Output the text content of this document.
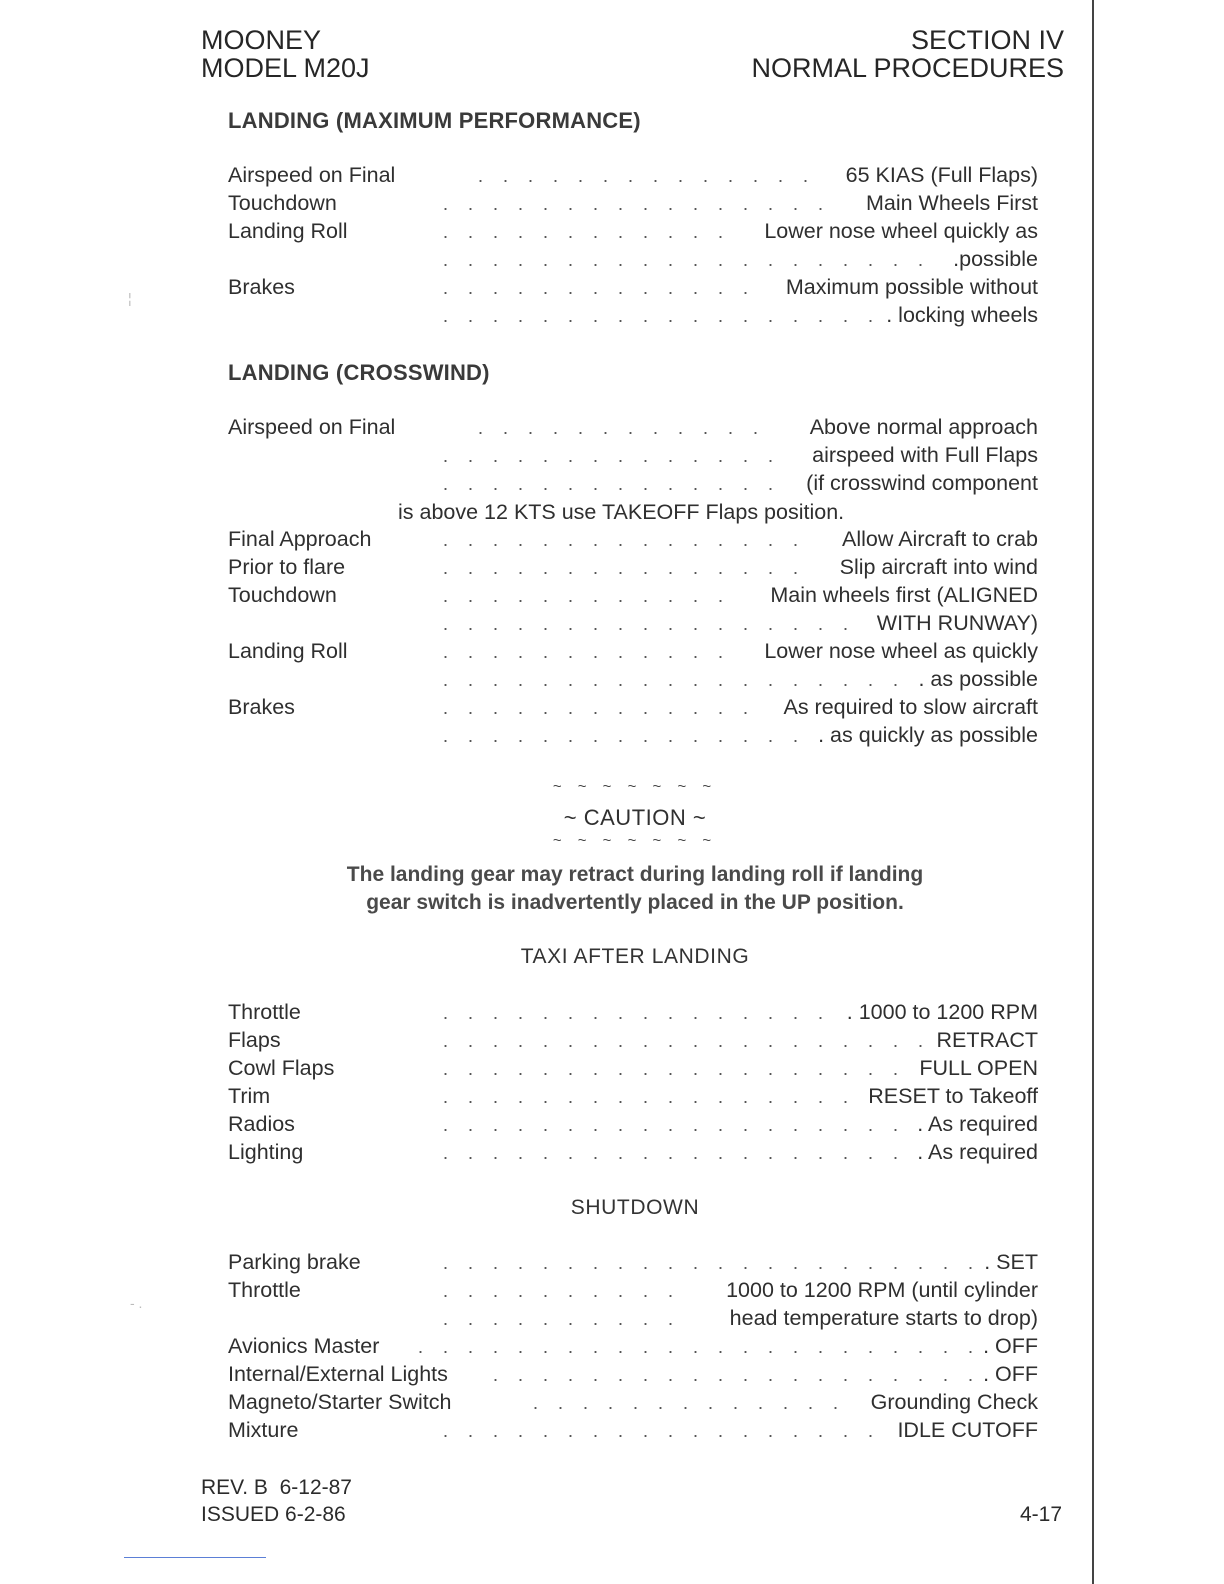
¦
‐ .
MOONEY
MODEL M20J
SECTION IV
NORMAL PROCEDURES
LANDING (MAXIMUM PERFORMANCE)
Airspeed on Final	65 KIAS (Full Flaps)
Touchdown	Main Wheels First
Landing Roll	Lower nose wheel quickly as
.possible
Brakes	Maximum possible without
. locking wheels
LANDING (CROSSWIND)
Airspeed on Final	Above normal approach
airspeed with Full Flaps
(if crosswind component
is above 12 KTS use TAKEOFF Flaps position.
Final Approach	Allow Aircraft to crab
Prior to flare	Slip aircraft into wind
Touchdown	Main wheels first (ALIGNED
WITH RUNWAY)
Landing Roll	Lower nose wheel as quickly
. as possible
Brakes	As required to slow aircraft
. as quickly as possible
~ ~ ~ ~ ~ ~ ~
~ CAUTION ~
~ ~ ~ ~ ~ ~ ~
The landing gear may retract during landing roll if landing
gear switch is inadvertently placed in the UP position.
TAXI AFTER LANDING
Throttle	. 1000 to 1200 RPM
Flaps	RETRACT
Cowl Flaps	FULL OPEN
Trim	RESET to Takeoff
Radios	. As required
Lighting	. As required
SHUTDOWN
Parking brake	. SET
Throttle	1000 to 1200 RPM (until cylinder
head temperature starts to drop)
Avionics Master	. OFF
Internal/External Lights	. OFF
Magneto/Starter Switch	Grounding Check
Mixture	IDLE CUTOFF
REV. B  6-12-87
ISSUED 6-2-86	4-17
